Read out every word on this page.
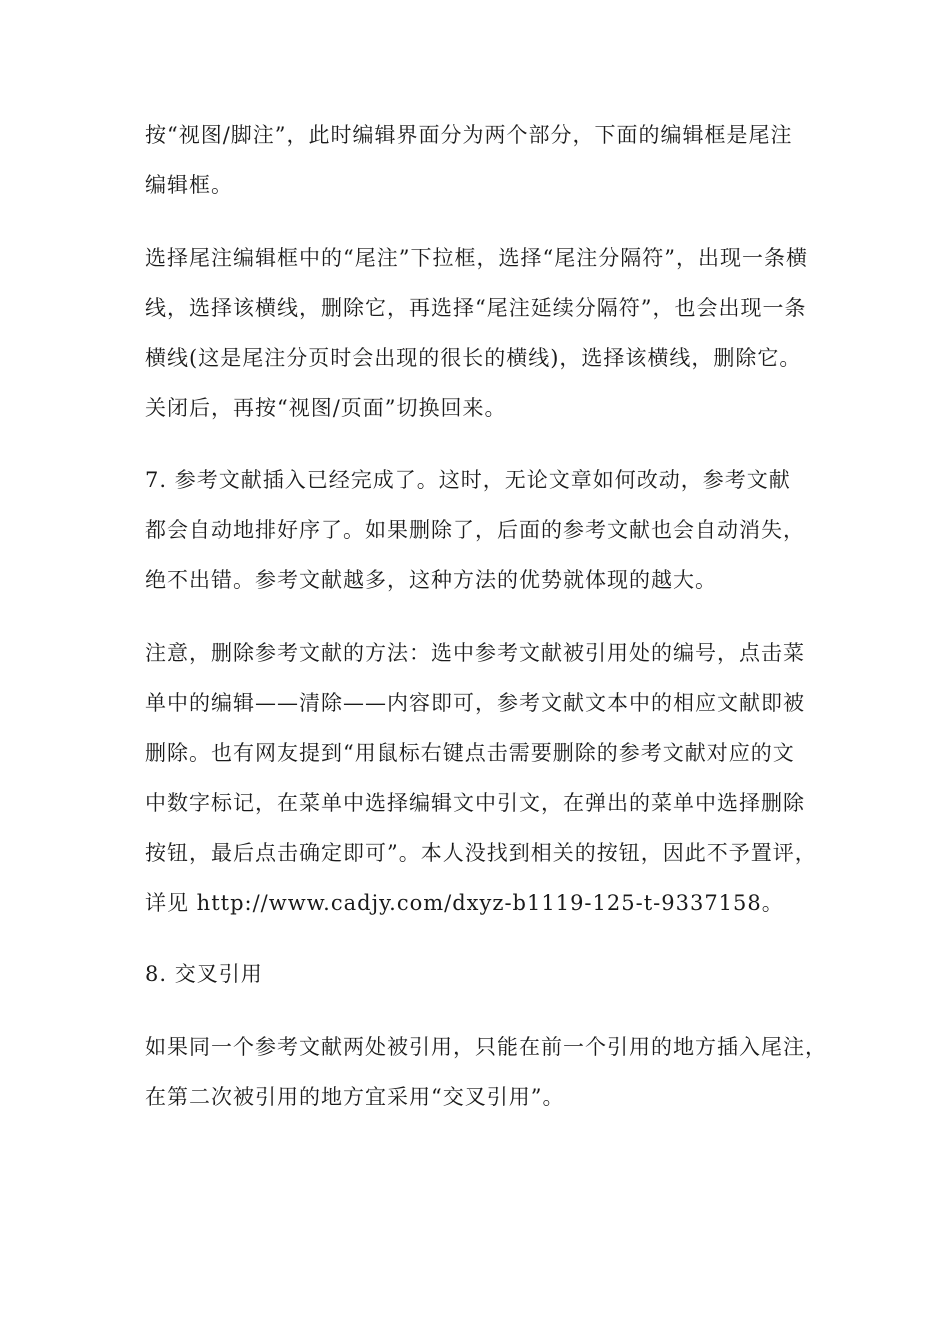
按“视图/脚注”，此时编辑界面分为两个部分，下面的编辑框是尾注
编辑框。
选择尾注编辑框中的“尾注”下拉框，选择“尾注分隔符”，出现一条横
线，选择该横线，删除它，再选择“尾注延续分隔符”，也会出现一条
横线(这是尾注分页时会出现的很长的横线)，选择该横线，删除它。
关闭后，再按“视图/页面”切换回来。
7. 参考文献插入已经完成了。这时，无论文章如何改动，参考文献
都会自动地排好序了。如果删除了，后面的参考文献也会自动消失，
绝不出错。参考文献越多，这种方法的优势就体现的越大。
注意，删除参考文献的方法：选中参考文献被引用处的编号，点击菜
单中的编辑——清除——内容即可，参考文献文本中的相应文献即被
删除。也有网友提到“用鼠标右键点击需要删除的参考文献对应的文
中数字标记，在菜单中选择编辑文中引文，在弹出的菜单中选择删除
按钮，最后点击确定即可”。本人没找到相关的按钮，因此不予置评，
详见 http://www.cadjy.com/dxyz-b1119-125-t-9337158。
8. 交叉引用
如果同一个参考文献两处被引用，只能在前一个引用的地方插入尾注，
在第二次被引用的地方宜采用“交叉引用”。
